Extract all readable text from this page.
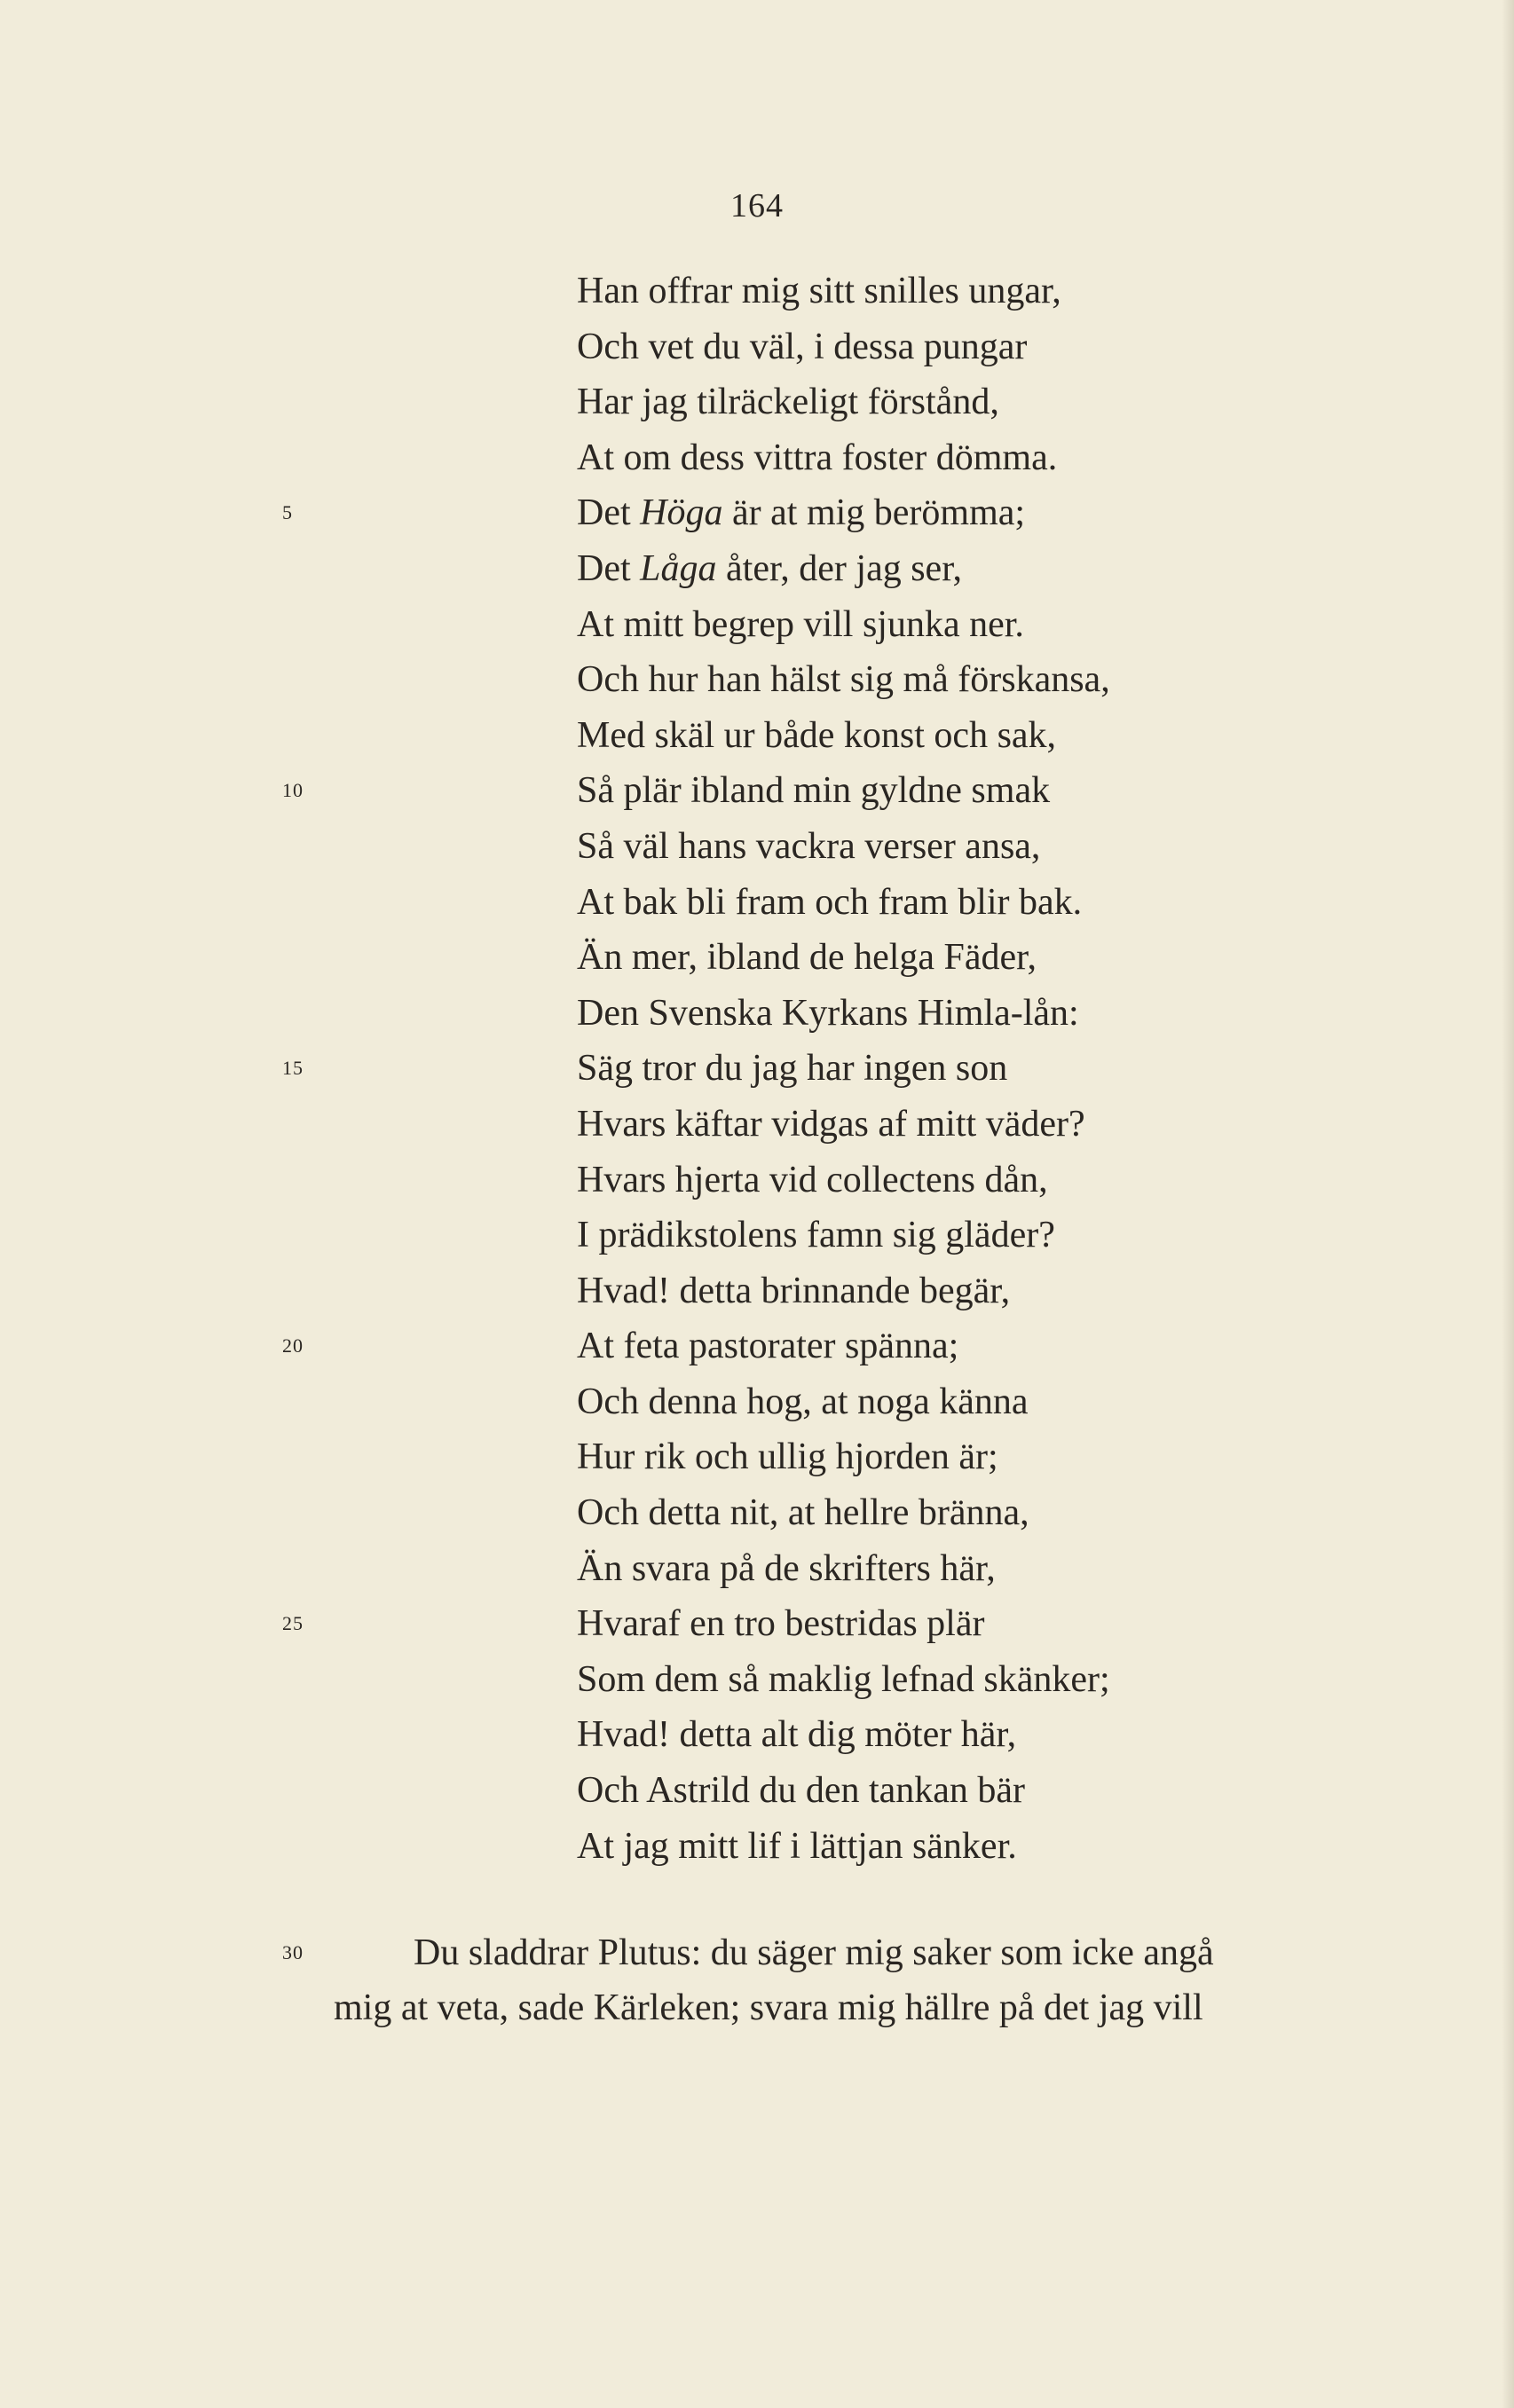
164
Han offrar mig sitt snilles ungar,
Och vet du väl, i dessa pungar
Har jag tilräckeligt förstånd,
At om dess vittra foster dömma.
5	Det Höga är at mig berömma;
Det Låga åter, der jag ser,
At mitt begrep vill sjunka ner.
Och hur han hälst sig må förskansa,
Med skäl ur både konst och sak,
10	Så plär ibland min gyldne smak
Så väl hans vackra verser ansa,
At bak bli fram och fram blir bak.
Än mer, ibland de helga Fäder,
Den Svenska Kyrkans Himla-lån:
15	Säg tror du jag har ingen son
Hvars käftar vidgas af mitt väder?
Hvars hjerta vid collectens dån,
I prädikstolens famn sig gläder?
Hvad! detta brinnande begär,
20	At feta pastorater spänna;
Och denna hog, at noga känna
Hur rik och ullig hjorden är;
Och detta nit, at hellre bränna,
Än svara på de skrifters här,
25	Hvaraf en tro bestridas plär
Som dem så maklig lefnad skänker;
Hvad! detta alt dig möter här,
Och Astrild du den tankan bär
At jag mitt lif i lättjan sänker.
30	Du sladdrar Plutus: du säger mig saker som icke angå
mig at veta, sade Kärleken; svara mig hällre på det jag vill
